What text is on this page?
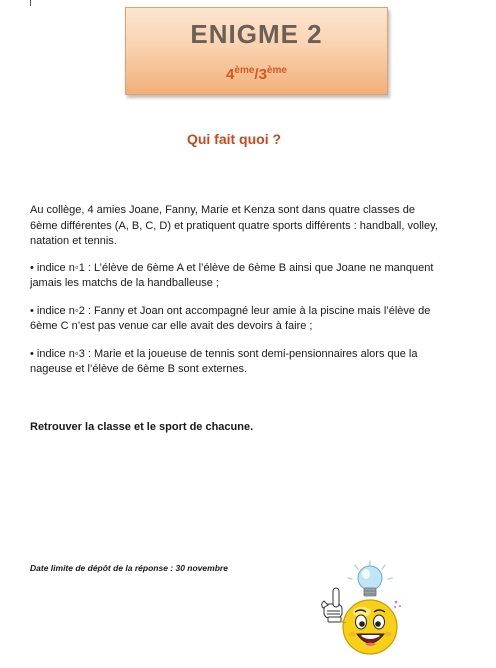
ENIGME 2
4ème/3ème
Qui fait quoi ?

Au collège, 4 amies Joane, Fanny, Marie et Kenza sont dans quatre classes de 6ème différentes (A, B, C, D) et pratiquent quatre sports différents : handball, volley, natation et tennis.

• indice n◦1 : L’élève de 6ème A et l’élève de 6ème B ainsi que Joane ne manquent jamais les matchs de la handballeuse ;

• indice n◦2 : Fanny et Joan ont accompagné leur amie à la piscine mais l’élève de 6ème C n’est pas venue car elle avait des devoirs à faire ;

• indice n◦3 : Marie et la joueuse de tennis sont demi-pensionnaires alors que la nageuse et l’élève de 6ème B sont externes.

Retrouver la classe et le sport de chacune.
Date limite de dépôt de la réponse : 30 novembre
